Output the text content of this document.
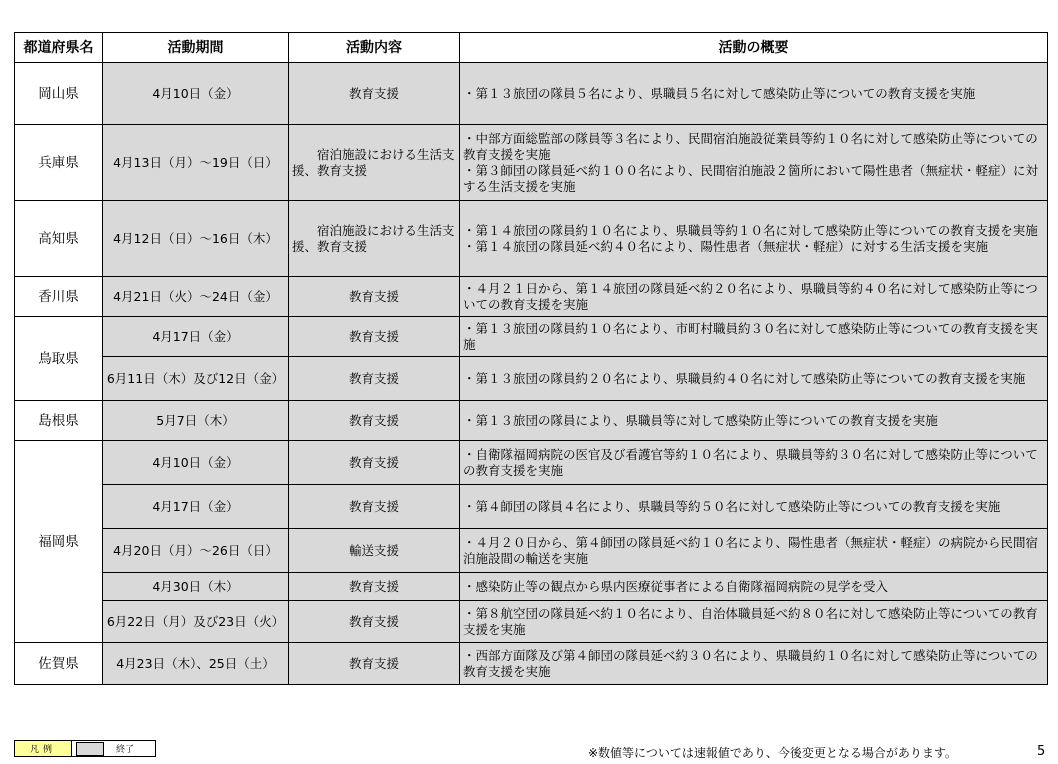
都道府県名	活動期間	活動内容	活動の概要
岡山県	4月10日（金）	教育支援	・第１３旅団の隊員５名により、県職員５名に対して感染防止等についての教育支援を実施

兵庫県	4月13日（月）～19日（日）	宿泊施設における生活支援、教育支援	・中部方面総監部の隊員等３名により、民間宿泊施設従業員等約１０名に対して感染防止等についての教育支援を実施
・第３師団の隊員延べ約１００名により、民間宿泊施設２箇所において陽性患者（無症状・軽症）に対する生活支援を実施

高知県	4月12日（日）～16日（木）	宿泊施設における生活支援、教育支援	・第１４旅団の隊員約１０名により、県職員等約１０名に対して感染防止等についての教育支援を実施
・第１４旅団の隊員延べ約４０名により、陽性患者（無症状・軽症）に対する生活支援を実施

香川県	4月21日（火）～24日（金）	教育支援	・４月２１日から、第１４旅団の隊員延べ約２０名により、県職員等約４０名に対して感染防止等についての教育支援を実施

鳥取県	4月17日（金）	教育支援	・第１３旅団の隊員約１０名により、市町村職員約３０名に対して感染防止等についての教育支援を実施

	6月11日（木）及び12日（金）	教育支援	・第１３旅団の隊員約２０名により、県職員約４０名に対して感染防止等についての教育支援を実施

島根県	5月7日（木）	教育支援	・第１３旅団の隊員により、県職員等に対して感染防止等についての教育支援を実施

福岡県	4月10日（金）	教育支援	・自衛隊福岡病院の医官及び看護官等約１０名により、県職員等約３０名に対して感染防止等についての教育支援を実施

	4月17日（金）	教育支援	・第４師団の隊員４名により、県職員等約５０名に対して感染防止等についての教育支援を実施

	4月20日（月）～26日（日）	輸送支援	・４月２０日から、第４師団の隊員延べ約１０名により、陽性患者（無症状・軽症）の病院から民間宿泊施設間の輸送を実施

	4月30日（木）	教育支援	・感染防止等の観点から県内医療従事者による自衛隊福岡病院の見学を受入

	6月22日（月）及び23日（火）	教育支援	・第８航空団の隊員延べ約１０名により、自治体職員延べ約８０名に対して感染防止等についての教育支援を実施

佐賀県	4月23日（木）、25日（土）	教育支援	・西部方面隊及び第４師団の隊員延べ約３０名により、県職員約１０名に対して感染防止等についての教育支援を実施
凡例	終了	※数値等については速報値であり、今後変更となる場合があります。	5
